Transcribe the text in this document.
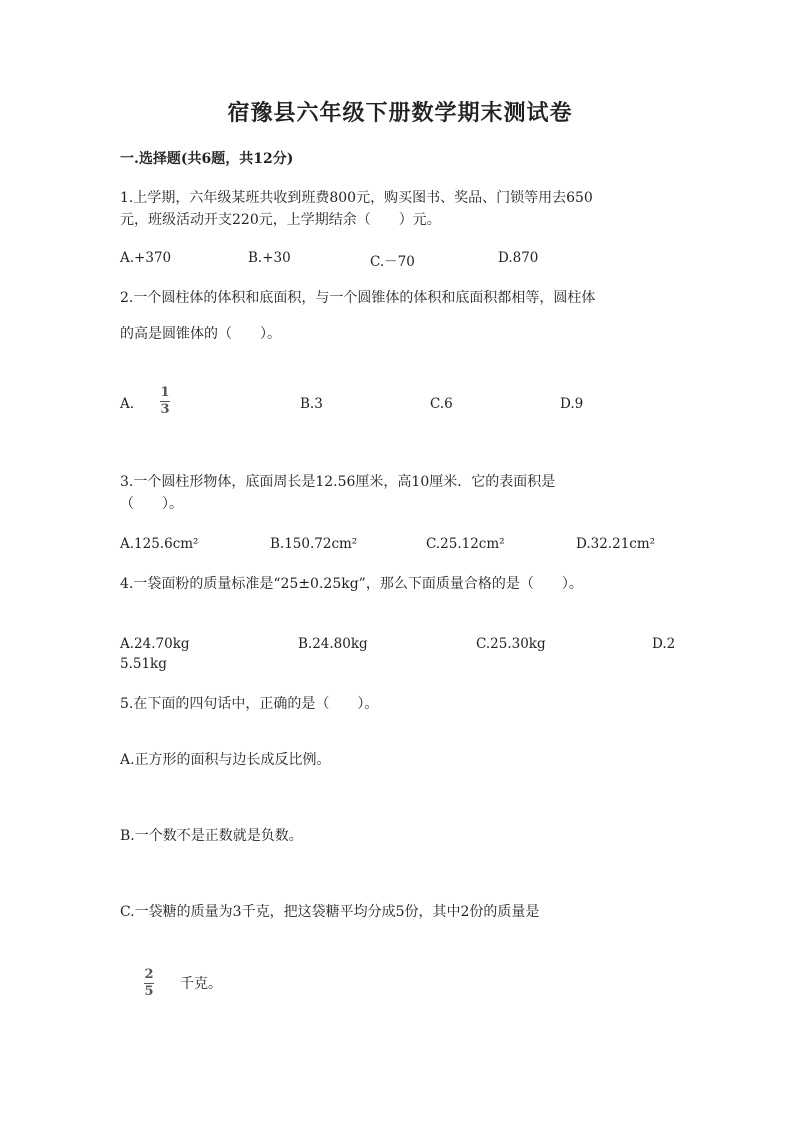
宿豫县六年级下册数学期末测试卷
一.选择题(共6题，共12分)
1.上学期，六年级某班共收到班费800元，购买图书、奖品、门锁等用去650
元，班级活动开支220元，上学期结余（　　）元。
A.+370	B.+30	C.－70	D.870
2.一个圆柱体的体积和底面积，与一个圆锥体的体积和底面积都相等，圆柱体
的高是圆锥体的（　　）。
A.
1
3	B.3	C.6	D.9
3.一个圆柱形物体，底面周长是12.56厘米，高10厘米．它的表面积是
（　　）。
A.125.6cm²	B.150.72cm²	C.25.12cm²	D.32.21cm²
4.一袋面粉的质量标准是“25±0.25kg”，那么下面质量合格的是（　　）。
A.24.70kg	B.24.80kg	C.25.30kg	D.2
5.51kg
5.在下面的四句话中，正确的是（　　）。
A.正方形的面积与边长成反比例。
B.一个数不是正数就是负数。
C.一袋糖的质量为3千克，把这袋糖平均分成5份，其中2份的质量是
2
5 千克。
